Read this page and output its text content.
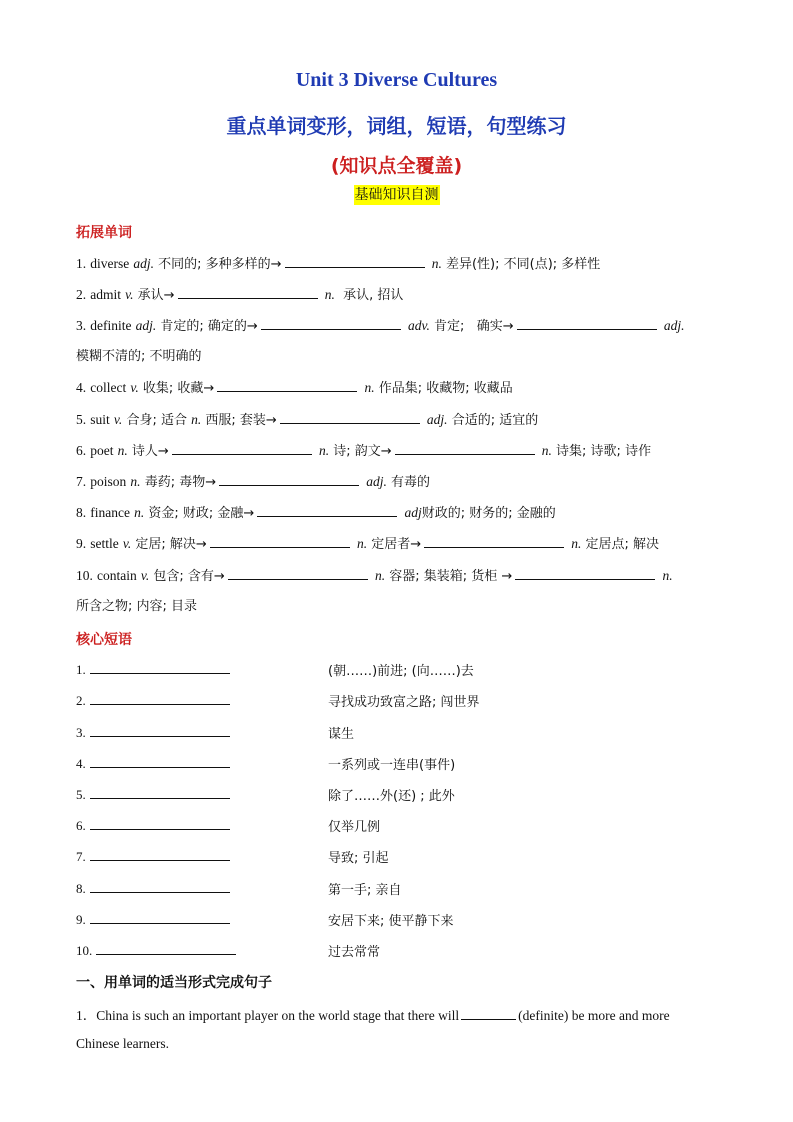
Unit 3 Diverse Cultures
重点单词变形，词组，短语，句型练习
(知识点全覆盖)
基础知识自测
拓展单词
1. diverse adj. 不同的; 多种多样的→	n. 差异(性); 不同(点); 多样性
2. admit v. 承认→	n. 承认, 招认
3. definite adj. 肯定的; 确定的→	adv. 肯定; 确实→	adj.
模糊不清的; 不明确的
4. collect v. 收集; 收藏→	n. 作品集; 收藏物; 收藏品
5. suit v. 合身; 适合 n. 西服; 套装→	adj. 合适的; 适宜的
6. poet n. 诗人→	n. 诗; 韵文→	n. 诗集; 诗歌; 诗作
7. poison n. 毒药; 毒物→	adj. 有毒的
8. finance n. 资金; 财政; 金融→	adj财政的; 财务的; 金融的
9. settle v. 定居; 解决→	n. 定居者→	n. 定居点; 解决
10. contain v. 包含; 含有→	n. 容器; 集装箱; 货柜 →	n.
所含之物; 内容; 目录
核心短语
1.	(朝……)前进; (向……)去
2.	寻找成功致富之路; 闯世界
3.	谋生
4.	一系列或一连串(事件)
5.	除了……外(还) ; 此外
6.	仅举几例
7.	导致; 引起
8.	第一手; 亲自
9.	安居下来; 使平静下来
10.	过去常常
一、用单词的适当形式完成句子
1．China is such an important player on the world stage that there will	(definite) be more and more
Chinese learners.
